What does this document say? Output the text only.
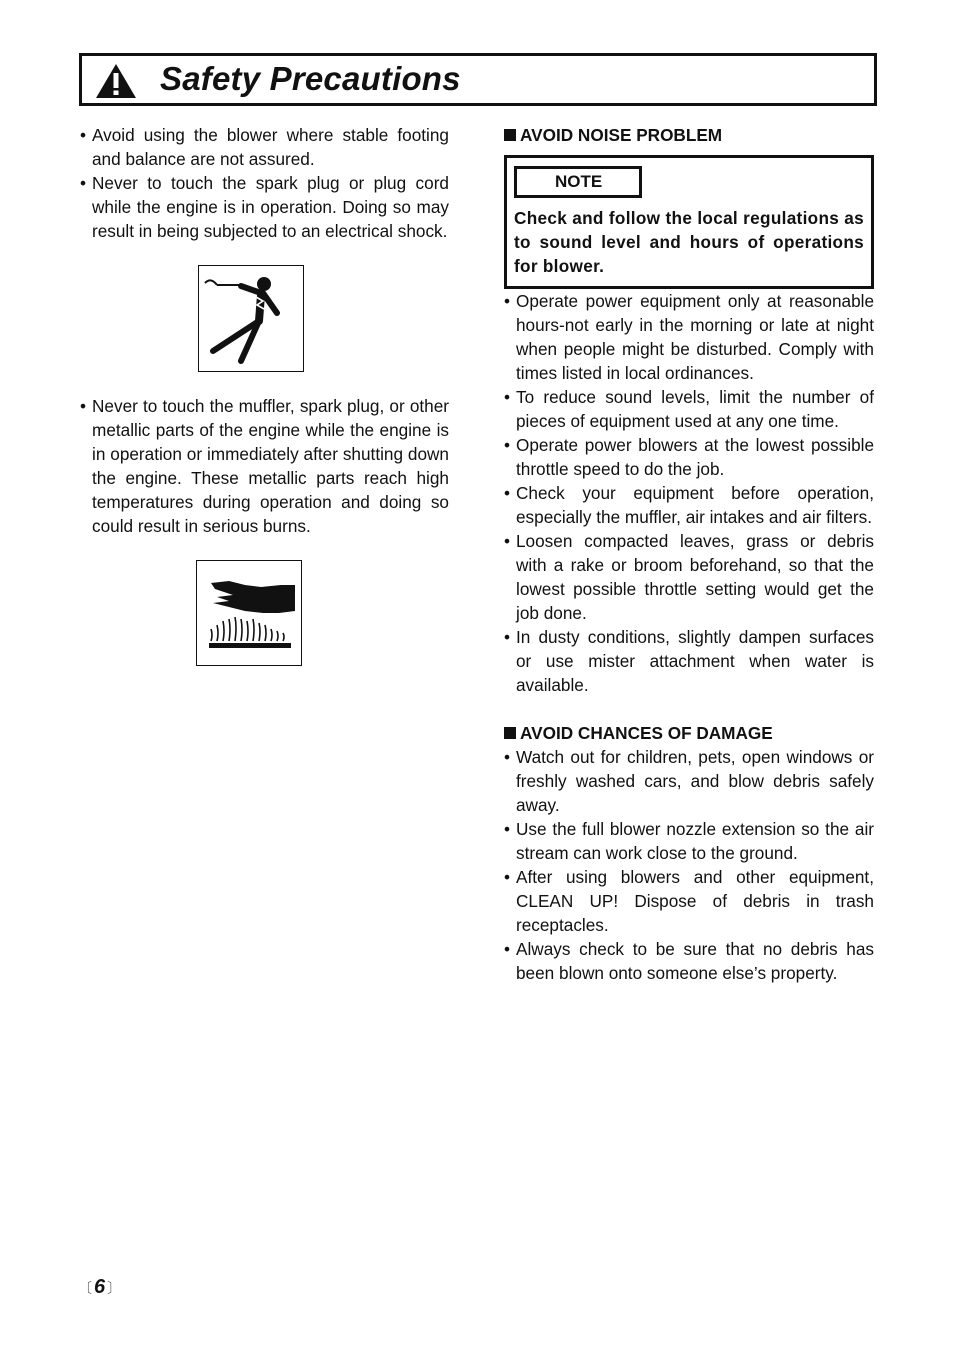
Safety Precautions
• Avoid using the blower where stable footing and balance are not assured.
• Never to touch the spark plug or plug cord while the engine is in operation. Doing so may result in being subjected to an electrical shock.
• Never to touch the muffler, spark plug, or other metallic parts of the engine while the engine is in operation or immediately after shutting down the engine. These metallic parts reach high temperatures during operation and doing so could result in serious burns.
AVOID NOISE PROBLEM
NOTE
Check and follow the local regulations as to sound level and hours of operations for blower.
• Operate power equipment only at reasonable hours-not early in the morning or late at night when people might be disturbed. Comply with times listed in local ordinances.
• To reduce sound levels, limit the number of pieces of equipment used at any one time.
• Operate power blowers at the lowest possible throttle speed to do the job.
• Check your equipment before operation, especially the muffler, air intakes and air filters.
• Loosen compacted leaves, grass or debris with a rake or broom beforehand, so that the lowest possible throttle setting would get the job done.
• In dusty conditions, slightly dampen surfaces or use mister attachment when water is available.
AVOID CHANCES OF DAMAGE
• Watch out for children, pets, open windows or freshly washed cars, and blow debris safely away.
• Use the full blower nozzle extension so the air stream can work close to the ground.
• After using blowers and other equipment, CLEAN UP! Dispose of debris in trash receptacles.
• Always check to be sure that no debris has been blown onto someone else’s property.
〔 6 〕
